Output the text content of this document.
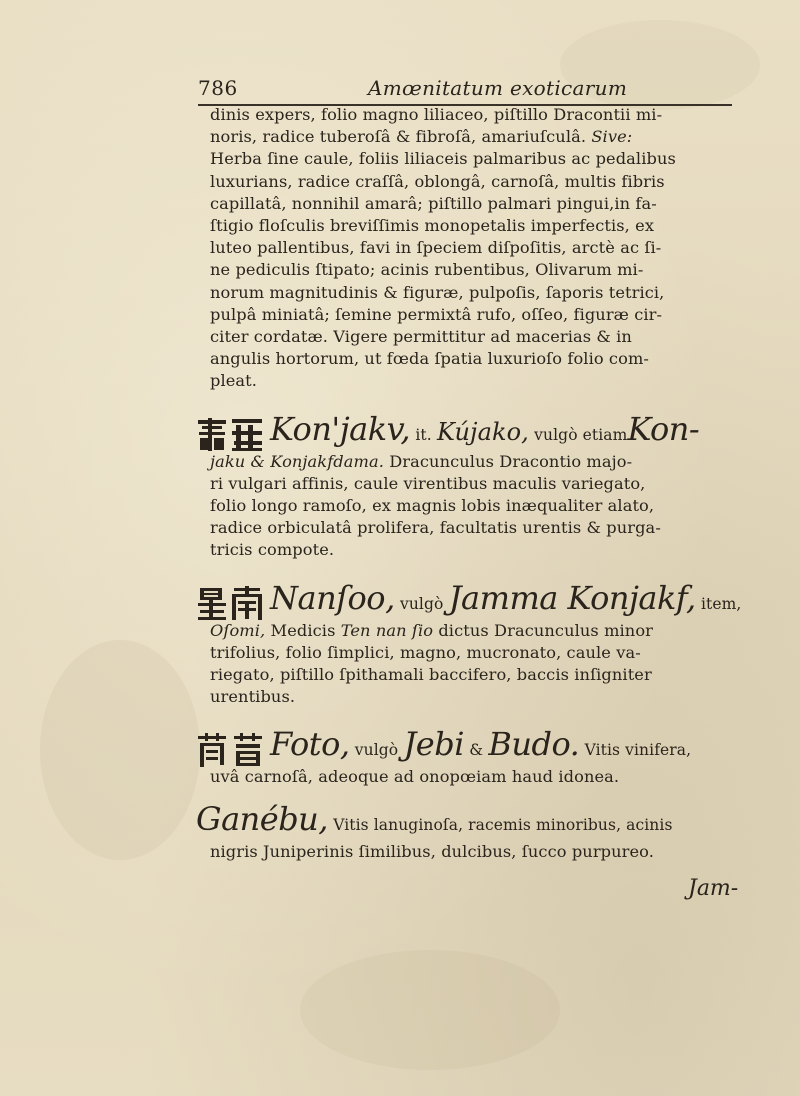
786	Amœnitatum exoticarum
dinis expers, folio magno liliaceo, piſtillo Dracontii mi-
noris, radice tuberoſâ & fibroſâ, amariuſculâ. Sive:
Herba ſine caule, foliis liliaceis palmaribus ac pedalibus
luxurians, radice craſſâ, oblongâ, carnoſâ, multis fibris
capillatâ, nonnihil amarâ; piſtillo palmari pingui,in fa-
ſtigio floſculis breviſſimis monopetalis imperfectis, ex
luteo pallentibus, favi in ſpeciem diſpoſitis, arctè ac ſi-
ne pediculis ſtipato; acinis rubentibus, Olivarum mi-
norum magnitudinis & figuræ, pulpoſis, ſaporis tetrici,
pulpâ miniatâ; ſemine permixtâ rufo, oſſeo, figuræ cir-
citer cordatæ. Vigere permittitur ad macerias & in
angulis hortorum, ut fœda ſpatia luxurioſo folio com-
pleat.
Kon'jakv, it. Kújako, vulgò etiamKon-
jaku & Konjakfdama. Dracunculus Dracontio majo-
ri vulgari affinis, caule virentibus maculis variegato,
folio longo ramoſo, ex magnis lobis inæqualiter alato,
radice orbiculatâ prolifera, facultatis urentis & purga-
tricis compote.
Nanſoo, vulgò Jamma Konjakf, item,
Oſomi, Medicis Ten nan ſio dictus Dracunculus minor
trifolius, folio ſimplici, magno, mucronato, caule va-
riegato, piſtillo ſpithamali baccifero, baccis inſigniter
urentibus.
Foto, vulgò Jebi & Budo. Vitis vinifera,
uvâ carnoſâ, adeoque ad onopœiam haud idonea.
Ganébu, Vitis lanuginoſa, racemis minoribus, acinis
nigris Juniperinis ſimilibus, dulcibus, ſucco purpureo.
Jam-
